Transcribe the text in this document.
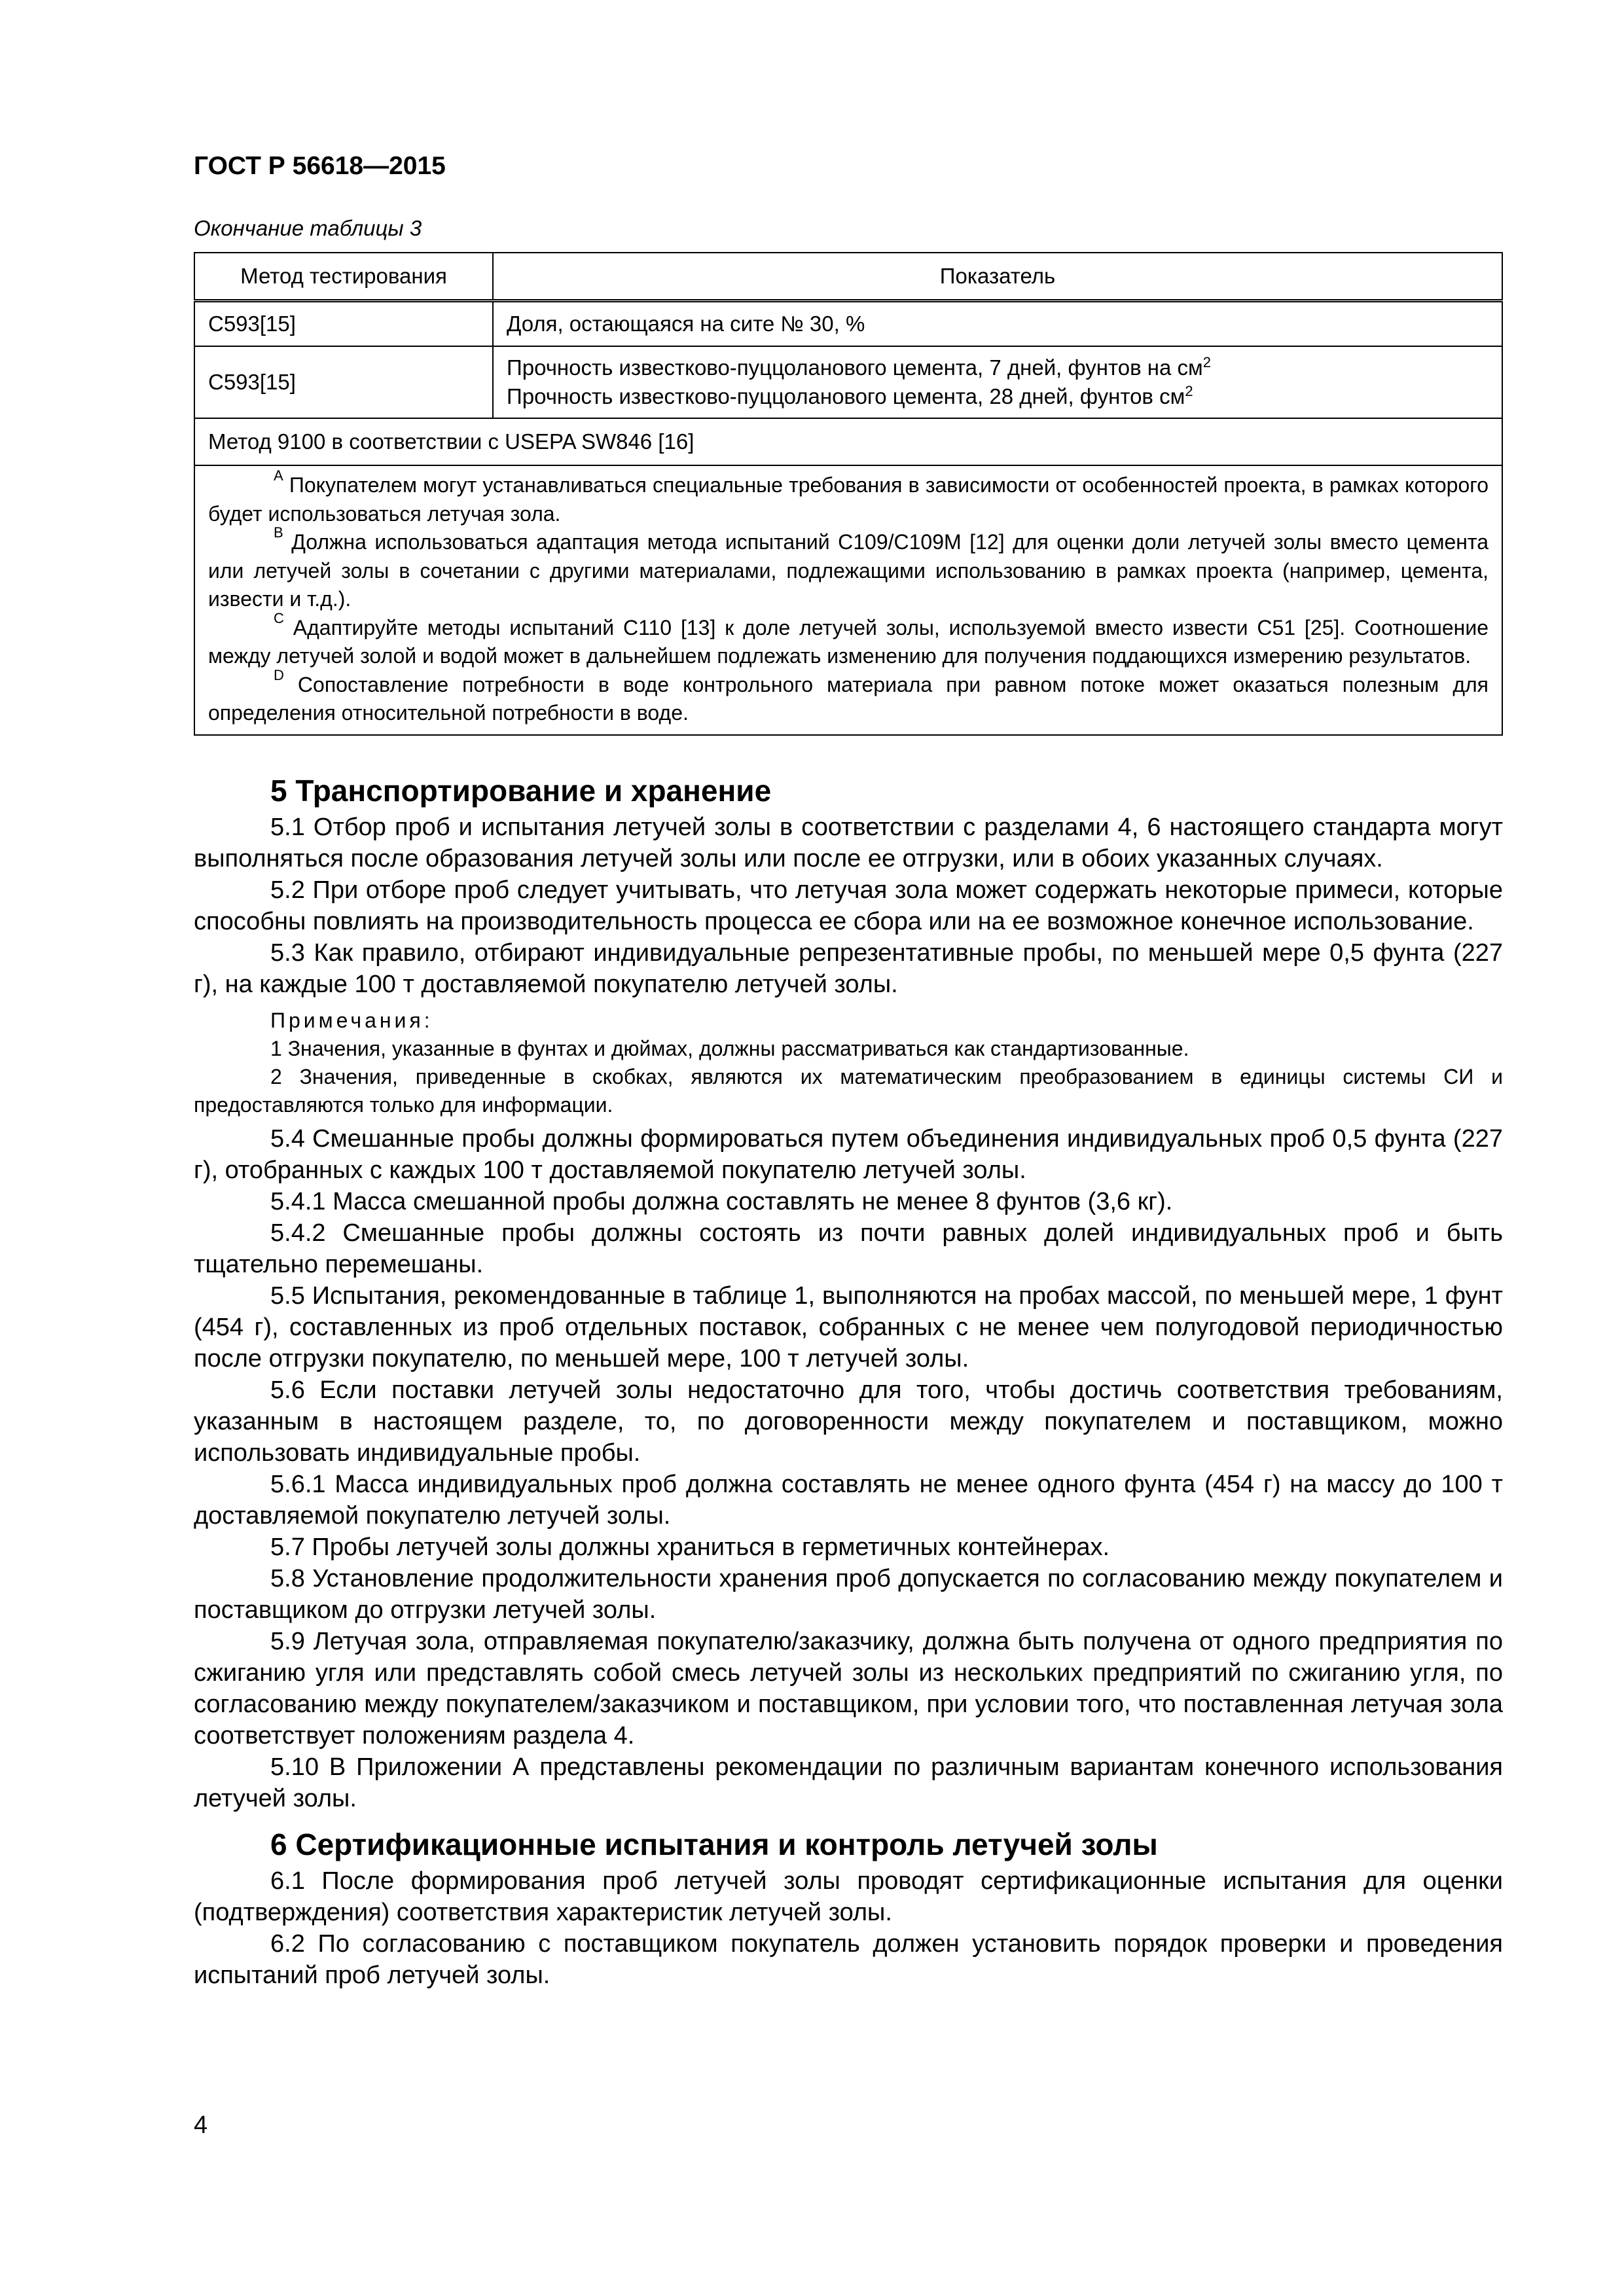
ГОСТ Р 56618—2015
Окончание таблицы 3
Метод тестирования	Показатель
C593[15]	Доля, остающаяся на сите № 30, %
C593[15]	Прочность известково-пуццоланового цемента, 7 дней, фунтов на $см^2$
Прочность известково-пуццоланового цемента, 28 дней, фунтов $см^2$

Метод 9100 в соответствии с USEPA SW846 [16]	

$^A$ Покупателем могут устанавливаться специальные требования в зависимости от особенностей проекта, в рамках которого будет использоваться летучая зола.

$^B$ Должна использоваться адаптация метода испытаний C109/C109M [12] для оценки доли летучей золы вместо цемента или летучей золы в сочетании с другими материалами, подлежащими использованию в рамках проекта (например, цемента, извести и т.д.).

$^C$ Адаптируйте методы испытаний C110 [13] к доле летучей золы, используемой вместо извести C51 [25]. Соотношение между летучей золой и водой может в дальнейшем подлежать изменению для получения поддающихся измерению результатов.

$^D$ Сопоставление потребности в воде контрольного материала при равном потоке может оказаться полезным для определения относительной потребности в воде.	

5 Транспортирование и хранение

5.1 Отбор проб и испытания летучей золы в соответствии с разделами 4, 6 настоящего стандарта могут выполняться после образования летучей золы или после ее отгрузки, или в обоих указанных случаях.

5.2 При отборе проб следует учитывать, что летучая зола может содержать некоторые примеси, которые способны повлиять на производительность процесса ее сбора или на ее возможное конечное использование.

5.3 Как правило, отбирают индивидуальные репрезентативные пробы, по меньшей мере 0,5 фунта (227 г), на каждые 100 т доставляемой покупателю летучей золы.

Примечания:

1 Значения, указанные в фунтах и дюймах, должны рассматриваться как стандартизованные.

2 Значения, приведенные в скобках, являются их математическим преобразованием в единицы системы СИ и предоставляются только для информации.

5.4 Смешанные пробы должны формироваться путем объединения индивидуальных проб 0,5 фунта (227 г), отобранных с каждых 100 т доставляемой покупателю летучей золы.

5.4.1 Масса смешанной пробы должна составлять не менее 8 фунтов (3,6 кг).

5.4.2 Смешанные пробы должны состоять из почти равных долей индивидуальных проб и быть тщательно перемешаны.

5.5 Испытания, рекомендованные в таблице 1, выполняются на пробах массой, по меньшей мере, 1 фунт (454 г), составленных из проб отдельных поставок, собранных с не менее чем полугодовой периодичностью после отгрузки покупателю, по меньшей мере, 100 т летучей золы.

5.6 Если поставки летучей золы недостаточно для того, чтобы достичь соответствия требованиям, указанным в настоящем разделе, то, по договоренности между покупателем и поставщиком, можно использовать индивидуальные пробы.

5.6.1 Масса индивидуальных проб должна составлять не менее одного фунта (454 г) на массу до 100 т доставляемой покупателю летучей золы.

5.7 Пробы летучей золы должны храниться в герметичных контейнерах.

5.8 Установление продолжительности хранения проб допускается по согласованию между покупателем и поставщиком до отгрузки летучей золы.

5.9 Летучая зола, отправляемая покупателю/заказчику, должна быть получена от одного предприятия по сжиганию угля или представлять собой смесь летучей золы из нескольких предприятий по сжиганию угля, по согласованию между покупателем/заказчиком и поставщиком, при условии того, что поставленная летучая зола соответствует положениям раздела 4.

5.10 В Приложении А представлены рекомендации по различным вариантам конечного использования летучей золы.

6 Сертификационные испытания и контроль летучей золы

6.1 После формирования проб летучей золы проводят сертификационные испытания для оценки (подтверждения) соответствия характеристик летучей золы.

6.2 По согласованию с поставщиком покупатель должен установить порядок проверки и проведения испытаний проб летучей золы.

4
